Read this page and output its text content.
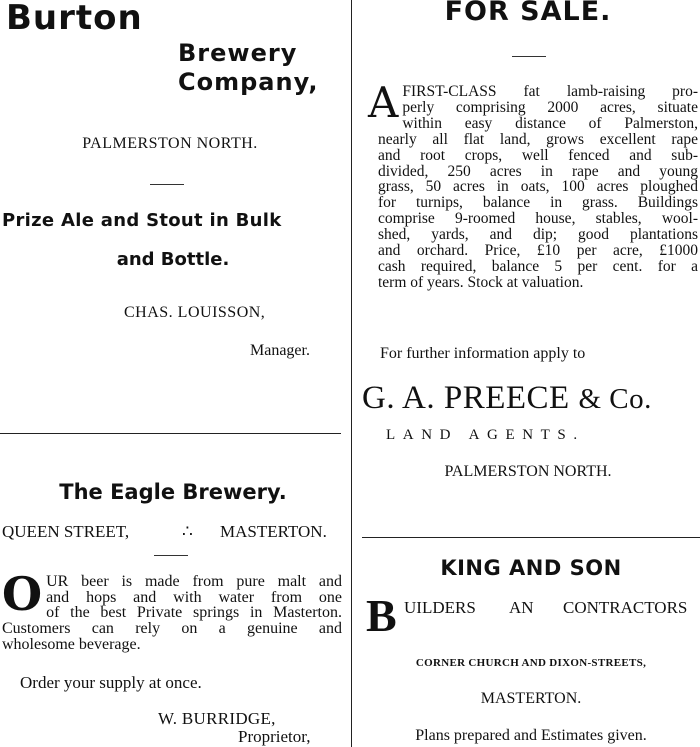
Burton
Brewery
Company,
PALMERSTON NORTH.
Prize Ale and Stout in Bulk
and Bottle.
CHAS. LOUISSON,
Manager.
The Eagle Brewery.
QUEEN STREET,	∴ MASTERTON.
O UR beer is made from pure malt and
and hops and with water from one
of the best Private springs in Masterton.
Customers can rely on a genuine and
wholesome beverage.
Order your supply at once.
W. BURRIDGE,
Proprietor,
FOR SALE.
A FIRST-CLASS fat lamb-raising pro-
perly comprising 2000 acres, situate
within easy distance of Palmerston,
nearly all flat land, grows excellent rape
and root crops, well fenced and sub-
divided, 250 acres in rape and young
grass, 50 acres in oats, 100 acres ploughed
for turnips, balance in grass. Buildings
comprise 9-roomed house, stables, wool-
shed, yards, and dip; good plantations
and orchard. Price, £10 per acre, £1000
cash required, balance 5 per cent. for a
term of years. Stock at valuation.
For further information apply to
G. A. PREECE & Co.
LAND AGENTS.
PALMERSTON NORTH.
KING AND SON
B UILDERS AN CONTRACTORS
CORNER CHURCH AND DIXON-STREETS,
MASTERTON.
Plans prepared and Estimates given.
